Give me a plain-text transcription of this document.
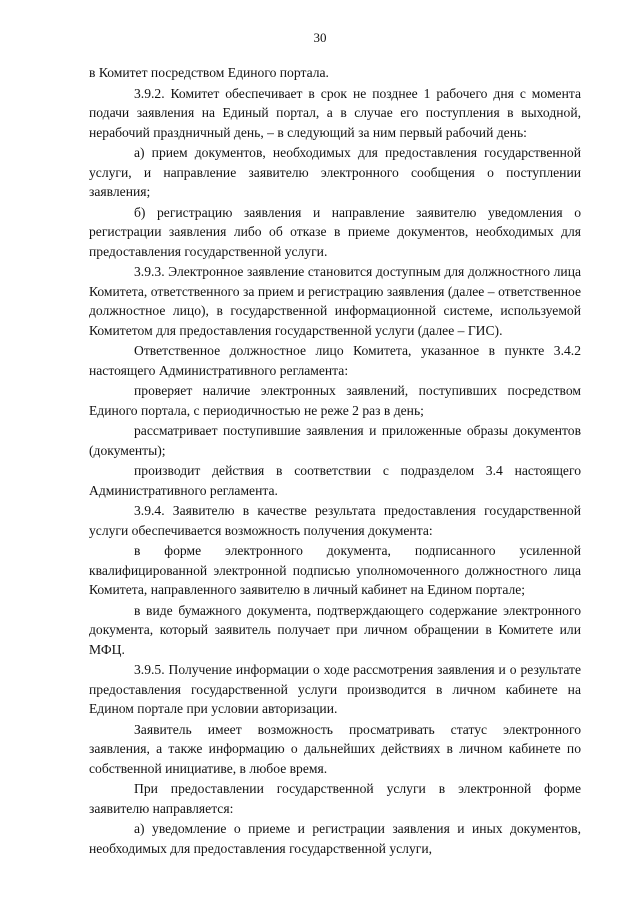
30

в Комитет посредством Единого портала.

3.9.2. Комитет обеспечивает в срок не позднее 1 рабочего дня с момента подачи заявления на Единый портал, а в случае его поступления в выходной, нерабочий праздничный день, – в следующий за ним первый рабочий день:

а) прием документов, необходимых для предоставления государственной услуги, и направление заявителю электронного сообщения о поступлении заявления;

б) регистрацию заявления и направление заявителю уведомления о регистрации заявления либо об отказе в приеме документов, необходимых для предоставления государственной услуги.

3.9.3. Электронное заявление становится доступным для должностного лица Комитета, ответственного за прием и регистрацию заявления (далее – ответственное должностное лицо), в государственной информационной системе, используемой Комитетом для предоставления государственной услуги (далее – ГИС).

Ответственное должностное лицо Комитета, указанное в пункте 3.4.2 настоящего Административного регламента:

проверяет наличие электронных заявлений, поступивших посредством Единого портала, с периодичностью не реже 2 раз в день;

рассматривает поступившие заявления и приложенные образы документов (документы);

производит действия в соответствии с подразделом 3.4 настоящего Административного регламента.

3.9.4. Заявителю в качестве результата предоставления государственной услуги обеспечивается возможность получения документа:

в форме электронного документа, подписанного усиленной квалифицированной электронной подписью уполномоченного должностного лица Комитета, направленного заявителю в личный кабинет на Едином портале;

в виде бумажного документа, подтверждающего содержание электронного документа, который заявитель получает при личном обращении в Комитете или МФЦ.

3.9.5. Получение информации о ходе рассмотрения заявления и о результате предоставления государственной услуги производится в личном кабинете на Едином портале при условии авторизации.

Заявитель имеет возможность просматривать статус электронного заявления, а также информацию о дальнейших действиях в личном кабинете по собственной инициативе, в любое время.

При предоставлении государственной услуги в электронной форме заявителю направляется:

а) уведомление о приеме и регистрации заявления и иных документов, необходимых для предоставления государственной услуги,
